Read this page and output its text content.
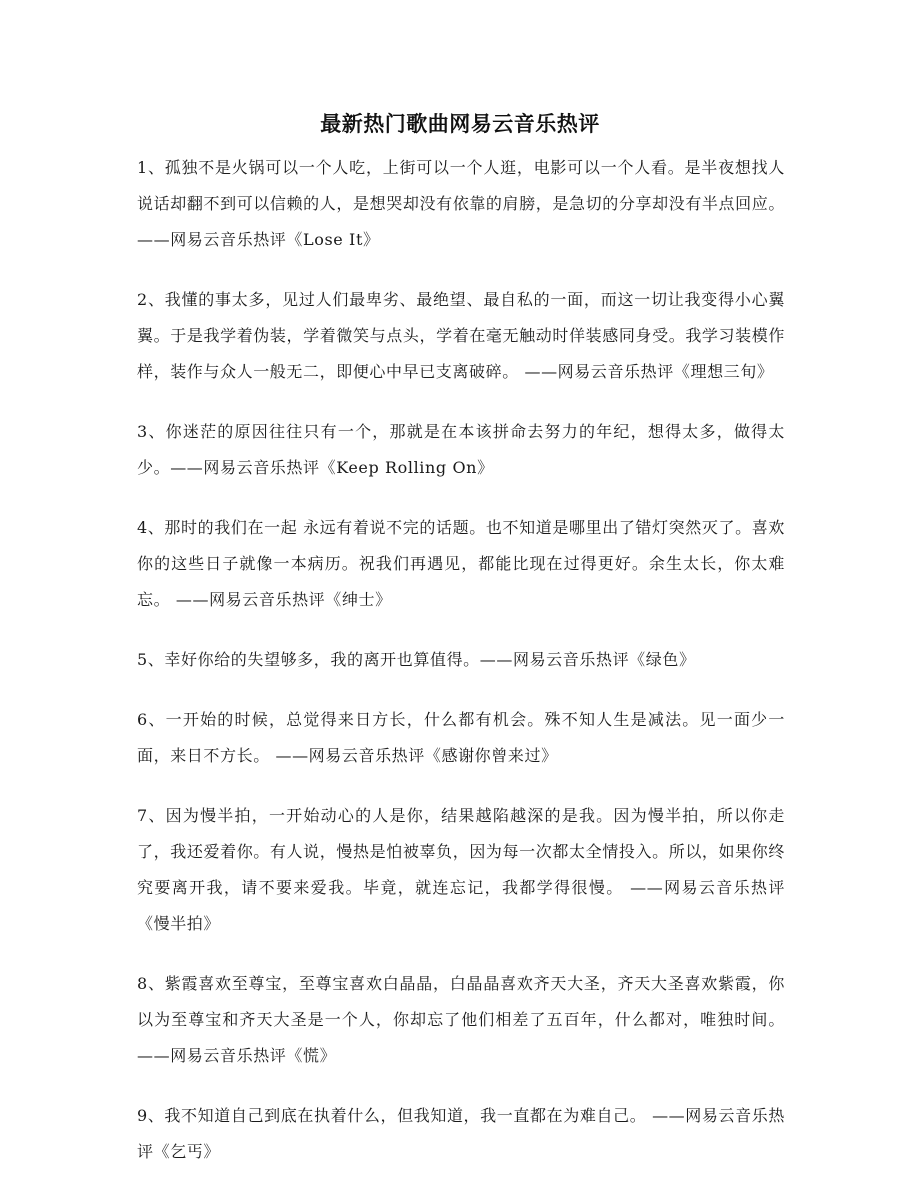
最新热门歌曲网易云音乐热评

1、孤独不是火锅可以一个人吃，上街可以一个人逛，电影可以一个人看。是半夜想找人说话却翻不到可以信赖的人，是想哭却没有依靠的肩膀，是急切的分享却没有半点回应。——网易云音乐热评《Lose It》

2、我懂的事太多，见过人们最卑劣、最绝望、最自私的一面，而这一切让我变得小心翼翼。于是我学着伪装，学着微笑与点头，学着在毫无触动时佯装感同身受。我学习装模作样，装作与众人一般无二，即便心中早已支离破碎。 ——网易云音乐热评《理想三旬》

3、你迷茫的原因往往只有一个，那就是在本该拼命去努力的年纪，想得太多，做得太少。——网易云音乐热评《Keep Rolling On》

4、那时的我们在一起 永远有着说不完的话题。也不知道是哪里出了错灯突然灭了。喜欢你的这些日子就像一本病历。祝我们再遇见，都能比现在过得更好。余生太长，你太难忘。 ——网易云音乐热评《绅士》

5、幸好你给的失望够多，我的离开也算值得。——网易云音乐热评《绿色》

6、一开始的时候，总觉得来日方长，什么都有机会。殊不知人生是减法。见一面少一面，来日不方长。 ——网易云音乐热评《感谢你曾来过》

7、因为慢半拍，一开始动心的人是你，结果越陷越深的是我。因为慢半拍，所以你走了，我还爱着你。有人说，慢热是怕被辜负，因为每一次都太全情投入。所以，如果你终究要离开我，请不要来爱我。毕竟，就连忘记，我都学得很慢。 ——网易云音乐热评《慢半拍》

8、紫霞喜欢至尊宝，至尊宝喜欢白晶晶，白晶晶喜欢齐天大圣，齐天大圣喜欢紫霞，你以为至尊宝和齐天大圣是一个人，你却忘了他们相差了五百年，什么都对，唯独时间。——网易云音乐热评《慌》

9、我不知道自己到底在执着什么，但我知道，我一直都在为难自己。 ——网易云音乐热评《乞丐》
